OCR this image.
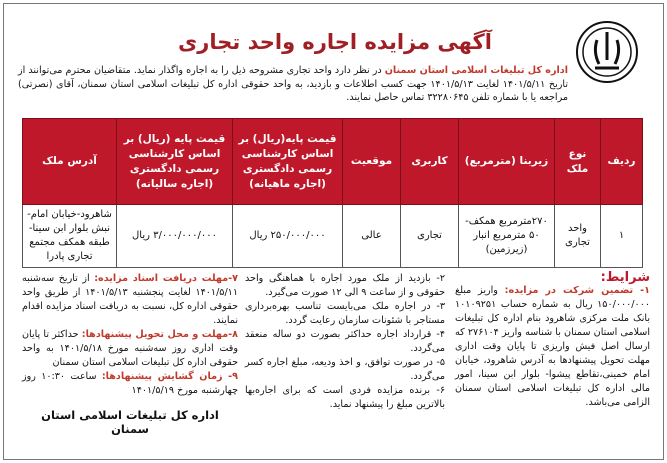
آگهی مزایده اجاره واحد تجاری
اداره کل تبلیغات اسلامی استان سمنان در نظر دارد واحد تجاری مشروحه ذیل را به اجاره واگذار نماید. متقاضیان محترم می‌توانند از تاریخ ۱۴۰۱/۵/۱۱ لغایت ۱۴۰۱/۵/۱۳ جهت کسب اطلاعات و بازدید، به واحد حقوقی اداره کل تبلیغات اسلامی استان سمنان، آقای (نصرتی) مراجعه یا با شماره تلفن ۳۲۲۸۰۶۴۵ تماس حاصل نمایند.
ردیف	نوع ملک	زیربنا (مترمربع)	کاربری	موقعیت	قیمت پایه(ریال) بر اساس کارشناسی رسمی دادگستری (اجاره ماهیانه)	قیمت پایه (ریال) بر اساس کارشناسی رسمی دادگستری (اجاره سالیانه)	آدرس ملک
۱	واحد تجاری	۲۷۰مترمربع همکف- ۵۰ مترمربع انبار (زیرزمین)	تجاری	عالی	۲۵۰/۰۰۰/۰۰۰ ریال	۳/۰۰۰/۰۰۰/۰۰۰ ریال	شاهرود-خیابان امام- نبش بلوار ابن سینا- طبقه همکف مجتمع تجاری پادرا
شرایط:
۱- تضمین شرکت در مزایده: واریز مبلغ ۱۵۰/۰۰۰/۰۰۰ ریال به شماره حساب ۱۰۱۰۹۲۵۱ بانک ملت مرکزی شاهرود بنام اداره کل تبلیغات اسلامی استان سمنان با شناسه واریز ۲۷۶۱۰۴ که ارسال اصل فیش واریزی تا پایان وقت اداری مهلت تحویل پیشنهادها به آدرس شاهرود، خیابان امام خمینی،تقاطع پیشوا- بلوار ابن سینا، امور مالی اداره کل تبلیغات اسلامی استان سمنان الزامی می‌باشد.
۲- بازدید از ملک مورد اجاره با هماهنگی واحد حقوقی و از ساعت ۹ الی ۱۲ صورت می‌گیرد.
۳- در اجاره ملک می‌بایست تناسب بهره‌برداری مستاجر با شئونات سازمان رعایت گردد.
۴- قرارداد اجاره حداکثر بصورت دو ساله منعقد می‌گردد.
۵- در صورت توافق، و اخذ ودیعه، مبلغ اجاره کسر می‌گردد.
۶- برنده مزایده فردی است که برای اجاره‌بها بالاترین مبلغ را پیشنهاد نماید.
۷-مهلت دریافت اسناد مزایده: از تاریخ سه‌شنبه ۱۴۰۱/۵/۱۱ لغایت پنجشنبه ۱۴۰۱/۵/۱۳ از طریق واحد حقوقی اداره کل، نسبت به دریافت اسناد مزایده اقدام نمایند.
۸-مهلت و محل تحویل پیشنهادها: حداکثر تا پایان وقت اداری روز سه‌شنبه مورخ ۱۴۰۱/۵/۱۸ به واحد حقوقی اداره کل تبلیغات اسلامی استان سمنان
۹- زمان گشایش پیشنهادها: ساعت ۱۰:۳۰ روز چهارشنبه مورخ ۱۴۰۱/۵/۱۹
اداره کل تبلیغات اسلامی استان سمنان
